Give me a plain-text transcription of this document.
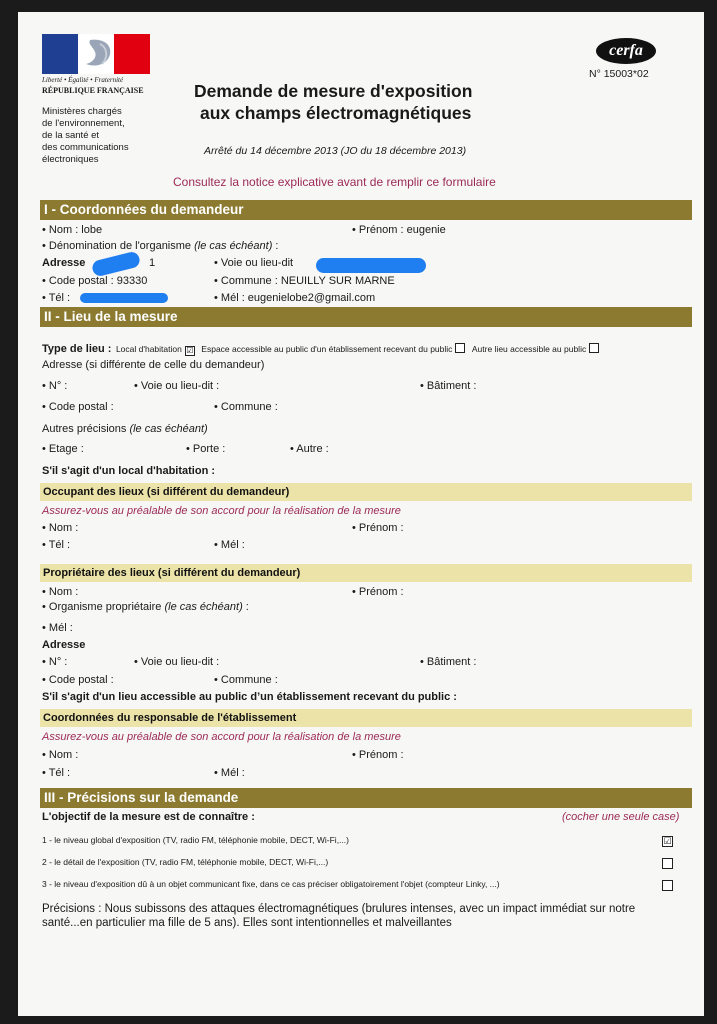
Liberté • Égalité • Fraternité
RÉPUBLIQUE FRANÇAISE
Ministères chargés
de l'environnement,
de la santé et
des communications
électroniques
Demande de mesure d'exposition
aux champs électromagnétiques
Arrêté du 14 décembre 2013 (JO du 18 décembre 2013)
Consultez la notice explicative avant de remplir ce formulaire
cerfa
N° 15003*02
I - Coordonnées du demandeur
• Nom : lobe	• Prénom : eugenie
• Dénomination de l'organisme (le cas échéant) :
Adresse	1	• Voie ou lieu-dit
• Code postal : 93330	• Commune : NEUILLY SUR MARNE
• Tél :	• Mél : eugenielobe2@gmail.com
II - Lieu de la mesure
Type de lieu : Local d'habitation ☑ Espace accessible au public d'un établissement recevant du public Autre lieu accessible au public
Adresse (si différente de celle du demandeur)
• N° :	• Voie ou lieu-dit :	• Bâtiment :
• Code postal :	• Commune :
Autres précisions (le cas échéant)
• Etage :	• Porte :	• Autre :
S'il s'agit d'un local d'habitation :
Occupant des lieux (si différent du demandeur)
Assurez-vous au préalable de son accord pour la réalisation de la mesure
• Nom :	• Prénom :
• Tél :	• Mél :
Propriétaire des lieux (si différent du demandeur)
• Nom :	• Prénom :
• Organisme propriétaire (le cas échéant) :
• Mél :
Adresse
• N° :	• Voie ou lieu-dit :	• Bâtiment :
• Code postal :	• Commune :
S'il s'agit d'un lieu accessible au public d’un établissement recevant du public :
Coordonnées du responsable de l'établissement
Assurez-vous au préalable de son accord pour la réalisation de la mesure
• Nom :	• Prénom :
• Tél :	• Mél :
III - Précisions sur la demande
L'objectif de la mesure est de connaître :	(cocher une seule case)
1 - le niveau global d'exposition (TV, radio FM, téléphonie mobile, DECT, Wi-Fi,...)	☑
2 - le détail de l'exposition (TV, radio FM, téléphonie mobile, DECT, Wi-Fi,...)
3 - le niveau d'exposition dû à un objet communicant fixe, dans ce cas préciser obligatoirement l'objet (compteur Linky, ...)
Précisions : Nous subissons des attaques électromagnétiques (brulures intenses, avec un impact immédiat sur notre
santé...en particulier ma fille de 5 ans). Elles sont intentionnelles et malveillantes
